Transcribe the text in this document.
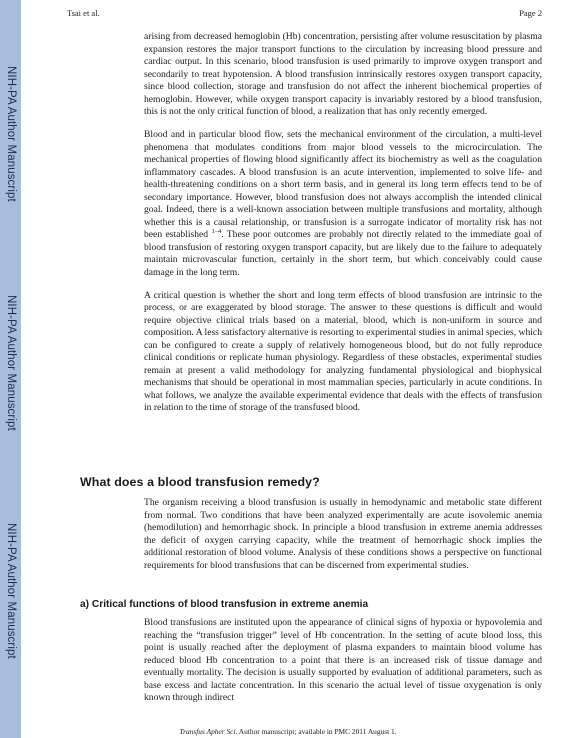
NIH-PA Author Manuscript
NIH-PA Author Manuscript
NIH-PA Author Manuscript
Tsai et al.	Page 2

arising from decreased hemoglobin (Hb) concentration, persisting after volume resuscitation by plasma expansion restores the major transport functions to the circulation by increasing blood pressure and cardiac output. In this scenario, blood transfusion is used primarily to improve oxygen transport and secondarily to treat hypotension. A blood transfusion intrinsically restores oxygen transport capacity, since blood collection, storage and transfusion do not affect the inherent biochemical properties of hemoglobin. However, while oxygen transport capacity is invariably restored by a blood transfusion, this is not the only critical function of blood, a realization that has only recently emerged.

Blood and in particular blood flow, sets the mechanical environment of the circulation, a multi-level phenomena that modulates conditions from major blood vessels to the microcirculation. The mechanical properties of flowing blood significantly affect its biochemistry as well as the coagulation inflammatory cascades. A blood transfusion is an acute intervention, implemented to solve life- and health-threatening conditions on a short term basis, and in general its long term effects tend to be of secondary importance. However, blood transfusion does not always accomplish the intended clinical goal. Indeed, there is a well-known association between multiple transfusions and mortality, although whether this is a causal relationship, or transfusion is a surrogate indicator of mortality risk has not been established $^{1-4}$. These poor outcomes are probably not directly related to the immediate goal of blood transfusion of restoring oxygen transport capacity, but are likely due to the failure to adequately maintain microvascular function, certainly in the short term, but which conceivably could cause damage in the long term.

A critical question is whether the short and long term effects of blood transfusion are intrinsic to the process, or are exaggerated by blood storage. The answer to these questions is difficult and would require objective clinical trials based on a material, blood, which is non-uniform in source and composition. A less satisfactory alternative is resorting to experimental studies in animal species, which can be configured to create a supply of relatively homogeneous blood, but do not fully reproduce clinical conditions or replicate human physiology. Regardless of these obstacles, experimental studies remain at present a valid methodology for analyzing fundamental physiological and biophysical mechanisms that should be operational in most mammalian species, particularly in acute conditions. In what follows, we analyze the available experimental evidence that deals with the effects of transfusion in relation to the time of storage of the transfused blood.

What does a blood transfusion remedy?

The organism receiving a blood transfusion is usually in hemodynamic and metabolic state different from normal. Two conditions that have been analyzed experimentally are acute isovolemic anemia (hemodilution) and hemorrhagic shock. In principle a blood transfusion in extreme anemia addresses the deficit of oxygen carrying capacity, while the treatment of hemorrhagic shock implies the additional restoration of blood volume. Analysis of these conditions shows a perspective on functional requirements for blood transfusions that can be discerned from experimental studies.

a) Critical functions of blood transfusion in extreme anemia

Blood transfusions are instituted upon the appearance of clinical signs of hypoxia or hypovolemia and reaching the “transfusion trigger” level of Hb concentration. In the setting of acute blood loss, this point is usually reached after the deployment of plasma expanders to maintain blood volume has reduced blood Hb concentration to a point that there is an increased risk of tissue damage and eventually mortality. The decision is usually supported by evaluation of additional parameters, such as base excess and lactate concentration. In this scenario the actual level of tissue oxygenation is only known through indirect

Transfus Apher Sci. Author manuscript; available in PMC 2011 August 1.
